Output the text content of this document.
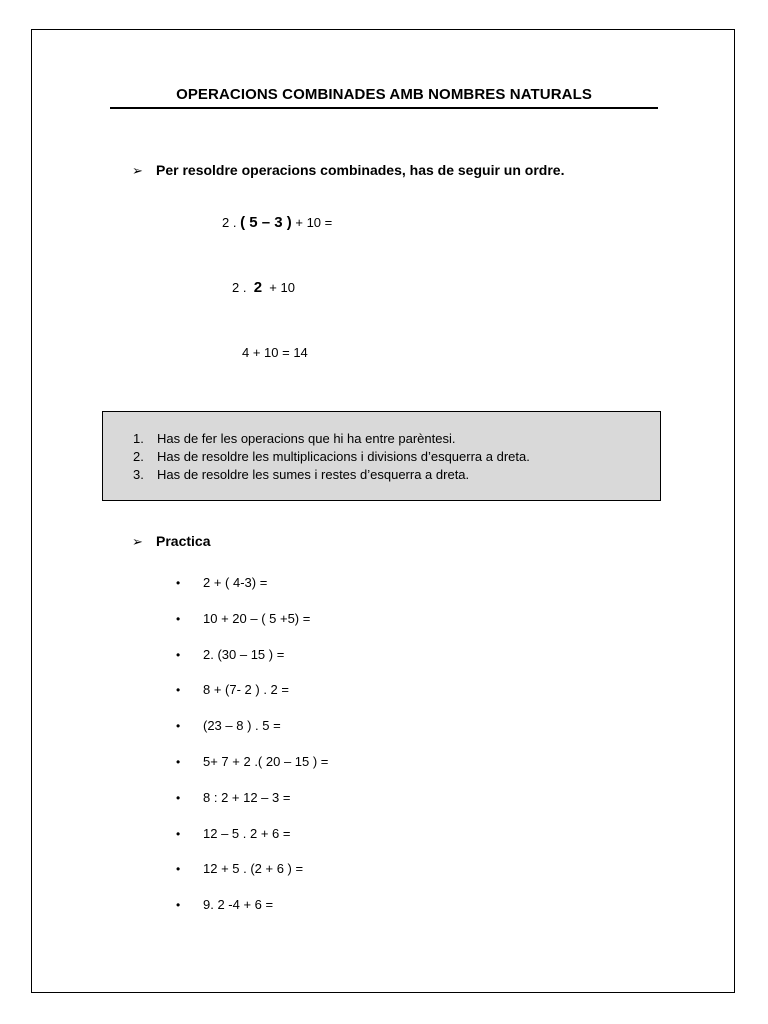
OPERACIONS COMBINADES AMB NOMBRES NATURALS
➢ Per resoldre operacions combinades, has de seguir un ordre.
2 . ( 5 – 3 ) + 10 =
2 .  2  + 10
4 + 10 = 14
1. Has de fer les operacions que hi ha entre parèntesi.
2. Has de resoldre les multiplicacions i divisions d’esquerra a dreta.
3. Has de resoldre les sumes i restes d’esquerra a dreta.
➢ Practica
• 2 + ( 4-3) =
• 10 + 20 – ( 5 +5) =
• 2. (30 – 15 ) =
• 8 + (7- 2 ) . 2 =
• (23 – 8 ) . 5 =
• 5+ 7 + 2 .( 20 – 15 ) =
• 8 : 2 + 12 – 3 =
• 12 – 5 . 2 + 6 =
• 12 + 5 . (2 + 6 ) =
• 9. 2 -4 + 6 =
